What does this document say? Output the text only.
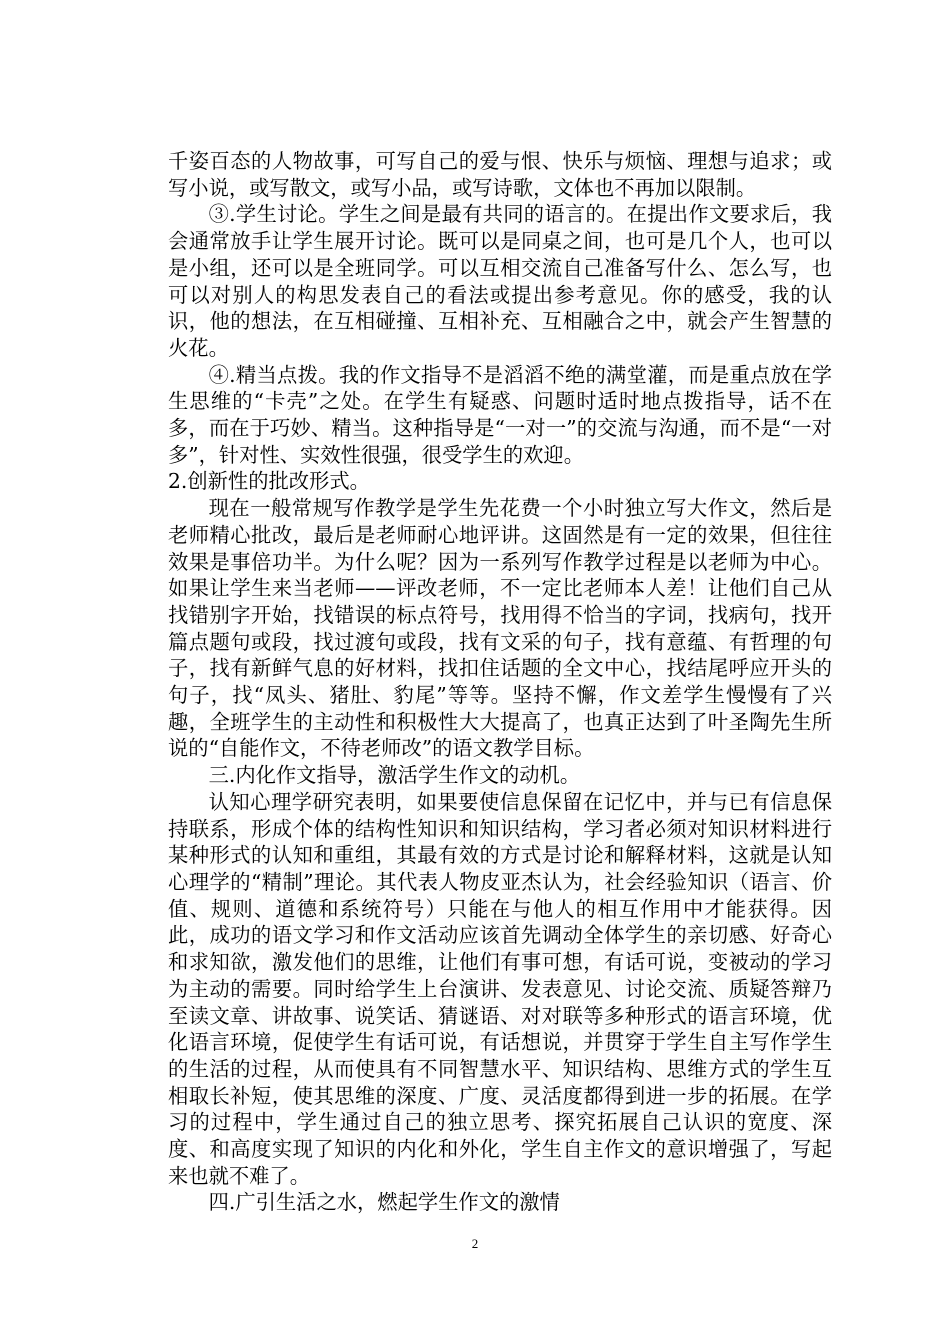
千姿百态的人物故事，可写自己的爱与恨、快乐与烦恼、理想与追求；或写小说，或写散文，或写小品，或写诗歌，文体也不再加以限制。

③.学生讨论。学生之间是最有共同的语言的。在提出作文要求后，我会通常放手让学生展开讨论。既可以是同桌之间，也可是几个人，也可以是小组，还可以是全班同学。可以互相交流自己准备写什么、怎么写，也可以对别人的构思发表自己的看法或提出参考意见。你的感受，我的认识，他的想法，在互相碰撞、互相补充、互相融合之中，就会产生智慧的火花。

④.精当点拨。我的作文指导不是滔滔不绝的满堂灌，而是重点放在学生思维的“卡壳”之处。在学生有疑惑、问题时适时地点拨指导，话不在多，而在于巧妙、精当。这种指导是“一对一”的交流与沟通，而不是“一对多”，针对性、实效性很强，很受学生的欢迎。

2.创新性的批改形式。

现在一般常规写作教学是学生先花费一个小时独立写大作文，然后是老师精心批改，最后是老师耐心地评讲。这固然是有一定的效果，但往往效果是事倍功半。为什么呢？因为一系列写作教学过程是以老师为中心。如果让学生来当老师——评改老师，不一定比老师本人差！让他们自己从找错别字开始，找错误的标点符号，找用得不恰当的字词，找病句，找开篇点题句或段，找过渡句或段，找有文采的句子，找有意蕴、有哲理的句子，找有新鲜气息的好材料，找扣住话题的全文中心，找结尾呼应开头的句子，找“凤头、猪肚、豹尾”等等。坚持不懈，作文差学生慢慢有了兴趣，全班学生的主动性和积极性大大提高了，也真正达到了叶圣陶先生所说的“自能作文，不待老师改”的语文教学目标。

三.内化作文指导，激活学生作文的动机。

认知心理学研究表明，如果要使信息保留在记忆中，并与已有信息保持联系，形成个体的结构性知识和知识结构，学习者必须对知识材料进行某种形式的认知和重组，其最有效的方式是讨论和解释材料，这就是认知心理学的“精制”理论。其代表人物皮亚杰认为，社会经验知识（语言、价值、规则、道德和系统符号）只能在与他人的相互作用中才能获得。因此，成功的语文学习和作文活动应该首先调动全体学生的亲切感、好奇心和求知欲，激发他们的思维，让他们有事可想，有话可说，变被动的学习为主动的需要。同时给学生上台演讲、发表意见、讨论交流、质疑答辩乃至读文章、讲故事、说笑话、猜谜语、对对联等多种形式的语言环境，优化语言环境，促使学生有话可说，有话想说，并贯穿于学生自主写作学生的生活的过程，从而使具有不同智慧水平、知识结构、思维方式的学生互相取长补短，使其思维的深度、广度、灵活度都得到进一步的拓展。在学习的过程中，学生通过自己的独立思考、探究拓展自己认识的宽度、深度、和高度实现了知识的内化和外化，学生自主作文的意识增强了，写起来也就不难了。

四.广引生活之水，燃起学生作文的激情

2
